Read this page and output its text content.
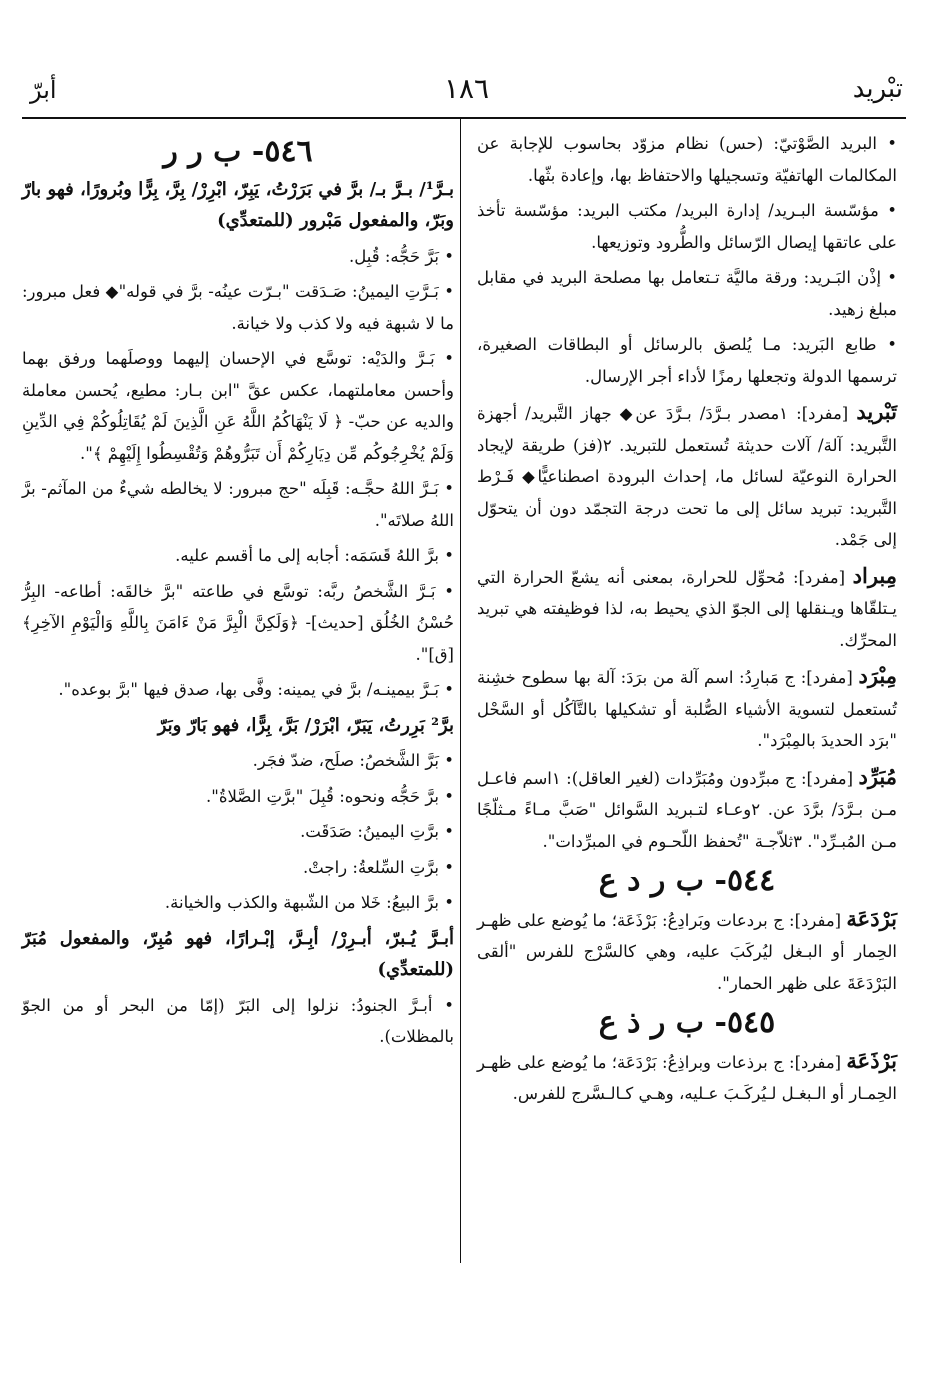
تبْريد
١٨٦
أبرّ

• البريد الصَّوْتيّ: (حس) نظام مزوّد بحاسوب للإجابة عن المكالمات الهاتفيّة وتسجيلها والاحتفاظ بها، وإعادة بثّها.

• مؤسّسة البـريد/ إدارة البريد/ مكتب البريد: مؤسّسة تأخذ على عاتقها إيصال الرّسائل والطُّرود وتوزيعها.

• إذْن البَـريد: ورقة ماليَّة تـتعامل بها مصلحة البريد في مقابل مبلغ زهيد.

• طابع البَريد: مـا يُلصق بالرسائل أو البطاقات الصغيرة، ترسمها الدولة وتجعلها رمزًا لأداء أجر الإرسال.

تَبْريد [مفرد]: ١مصدر بـرَّدَ/ بـرَّدَ عن◆ جهاز التَّبريد/ أجهزة التَّبريد: آلة/ آلات حديثة تُستعمل للتبريد. ٢(فز) طريقة لإيجاد الحرارة النوعيّة لسائل ما، إحداث البرودة اصطناعيًّا◆ فَـرْط التَّبريد: تبريد سائل إلى ما تحت درجة التجمّد دون أن يتحوّل إلى جَمْد.

مِبراد [مفرد]: مُحوِّل للحرارة، بمعنى أنه يشعّ الحرارة التي يـتلقّاها ويـنقلها إلى الجوّ الذي يحيط به، لذا فوظيفته هي تبريد المحرِّك.

مِبْرَد [مفرد]: ج مَبارِدُ: اسم آلة من برَدَ: آلة بها سطوح خشِنة تُستعمل لتسوية الأشياء الصُّلبة أو تشكيلها بالتَّآكُل أو السَّحْل "برَد الحديدَ بالمِبْرَد".

مُبَرِّد [مفرد]: ج مبرِّدون ومُبَرِّدات (لغير العاقل): ١اسم فاعـل مـن بـرَّدَ/ برَّدَ عن. ٢وعـاء لتـبريد السَّوائل "صَبَّ مـاءً مـثلّجًا مـن المُبـرِّد". ٣ثلاّجـة "تُحفظ اللّحـوم في المبرِّدات".

٥٤٤- ب ر د ع

بَرْدَعَة [مفرد]: ج بردعات وبَرادِعُ: بَرْذَعَة؛ ما يُوضع على ظهـر الحِمار أو البـغل ليُركَبَ عليه، وهي كالسَّرْج للفرس "ألقى البَرْدَعَةَ على ظهر الحمار".

٥٤٥- ب ر ذ ع

بَرْذَعَة [مفرد]: ج برذعات وبراذِعُ: بَرْدَعَة؛ ما يُوضع على ظهـر الحِمـار أو الـبغـل لـيُركَـبَ عـليه، وهـي كـالـسَّرج للفرس.

٥٤٦- ب ر ر

بـرَّ¹/ بـرَّ بـ/ برَّ في بَرَرْتُ، يَبِرّ، ابْرِرْ/ بِرَّ، بِرًّا وبُرورًا، فهو بارّ وبَرّ، والمفعول مَبْرور (للمتعدِّي)

• بَرَّ حَجُّه: قُبِل.

• بَـرَّتِ اليمينُ: صَـدَقت "بـرّت عينُه- برَّ في قوله"◆ فعل مبرور: ما لا شبهة فيه ولا كذب ولا خيانة.

• بَـرَّ والدَيْه: توسَّع في الإحسان إليهما ووصلَهما ورفق بهما وأحسن معاملتهما، عكس عقَّ "ابن بـار: مطيع، يُحسن معاملة والديه عن حبّ- ﴿ لَا يَنْهَاكُمُ اللَّهُ عَنِ الَّذِينَ لَمْ يُقَاتِلُوكُمْ فِي الدِّينِ وَلَمْ يُخْرِجُوكُم مِّن دِيَارِكُمْ أَن تَبَرُّوهُمْ وَتُقْسِطُوا إِلَيْهِمْ ﴾".

• بَـرَّ اللهُ حجَّـه: قَبِلَه "حج مبرور: لا يخالطه شيءٌ من المآثم- برَّ اللهُ صلاتَه".

• برَّ اللهُ قَسَمَه: أجابه إلى ما أقسم عليه.

• بَـرَّ الشَّخصُ ربَّه: توسَّع في طاعته "برَّ خالقَه: أطاعه- البِرُّ حُسْنُ الخُلُق [حديث]- ﴿وَلَكِنَّ الْبِرَّ مَنْ ءَامَنَ بِاللَّهِ وَالْيَوْمِ الآخِرِ﴾ [ق]".

• بَـرَّ بيمينـه/ برَّ في يمينه: وفَّى بها، صدق فيها "برَّ بوعده".

برَّ² بَرِرتُ، يَبَرّ، ابْرَرْ/ بَرَّ، بِرًّا، فهو بَارّ وبَرّ

• بَرَّ الشَّخصُ: صلَح، ضدّ فجَر.

• برَّ حَجُّه ونحوه: قُبِلَ "برَّتِ الصَّلاةُ".

• برَّتِ اليمينُ: صَدَقَت.

• برَّتِ السِّلعةُ: راجتْ.

• برَّ البيعُ: خَلا من الشّبهة والكذب والخيانة.

أبـرَّ يُـبرّ، أبـرِرْ/ أبِـرَّ، إبْـرارًا، فهو مُبِرّ، والمفعول مُبَرّ (للمتعدِّي)

• أبـرَّ الجنودُ: نزلوا إلى البَرّ (إمّا من البحر أو من الجوّ بالمظلات).
